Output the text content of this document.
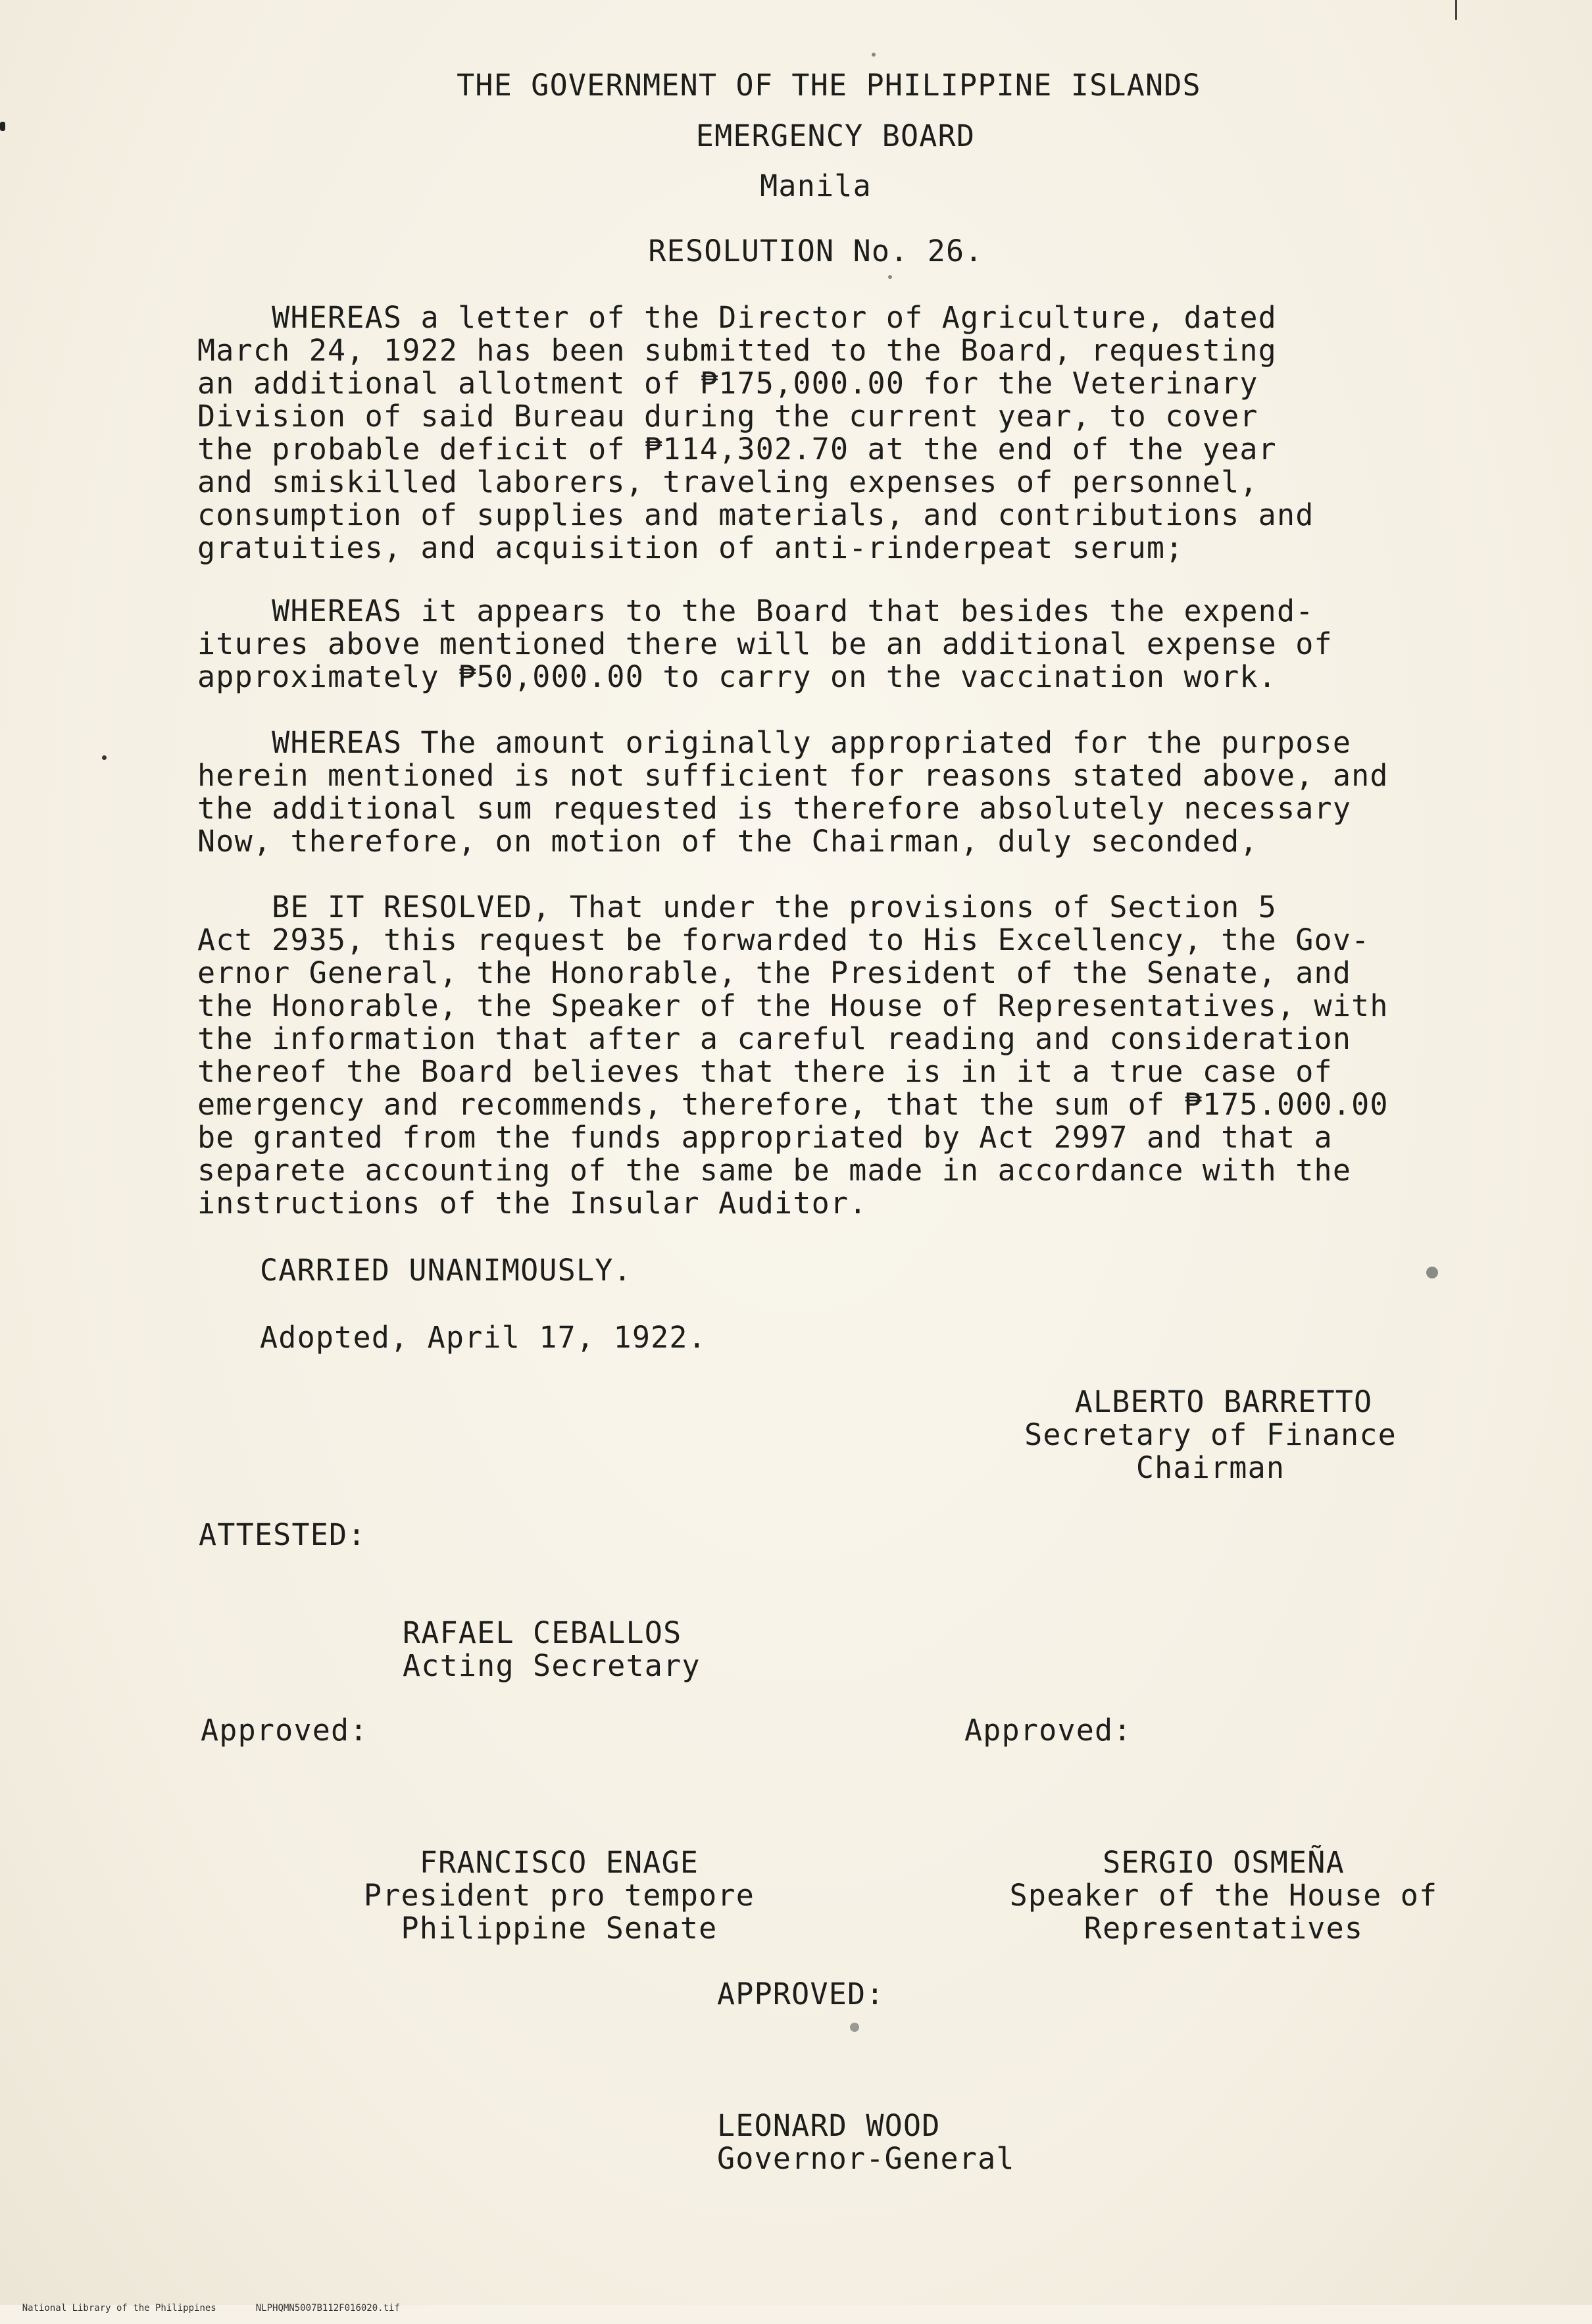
THE GOVERNMENT OF THE PHILIPPINE ISLANDS
EMERGENCY BOARD
Manila
RESOLUTION No. 26.
WHEREAS a letter of the Director of Agriculture, dated
March 24, 1922 has been submitted to the Board, requesting
an additional allotment of ₱175,000.00 for the Veterinary
Division of said Bureau during the current year, to cover
the probable deficit of ₱114,302.70 at the end of the year
and smiskilled laborers, traveling expenses of personnel,
consumption of supplies and materials, and contributions and
gratuities, and acquisition of anti-rinderpeat serum;
WHEREAS it appears to the Board that besides the expend-
itures above mentioned there will be an additional expense of
approximately ₱50,000.00 to carry on the vaccination work.
WHEREAS The amount originally appropriated for the purpose
herein mentioned is not sufficient for reasons stated above, and
the additional sum requested is therefore absolutely necessary
Now, therefore, on motion of the Chairman, duly seconded,
BE IT RESOLVED, That under the provisions of Section 5
Act 2935, this request be forwarded to His Excellency, the Gov-
ernor General, the Honorable, the President of the Senate, and
the Honorable, the Speaker of the House of Representatives, with
the information that after a careful reading and consideration
thereof the Board believes that there is in it a true case of
emergency and recommends, therefore, that the sum of ₱175.000.00
be granted from the funds appropriated by Act 2997 and that a
separete accounting of the same be made in accordance with the
instructions of the Insular Auditor.
CARRIED UNANIMOUSLY.
Adopted, April 17, 1922.
ALBERTO BARRETTO
Secretary of Finance
Chairman
ATTESTED:
RAFAEL CEBALLOS
Acting Secretary
Approved:	Approved:
FRANCISCO ENAGE
President pro tempore
Philippine Senate
SERGIO OSMEÑA
Speaker of the House of
Representatives
APPROVED:
LEONARD WOOD
Governor-General

National Library of the Philippines	NLPHQMN5007B112F016020.tif
